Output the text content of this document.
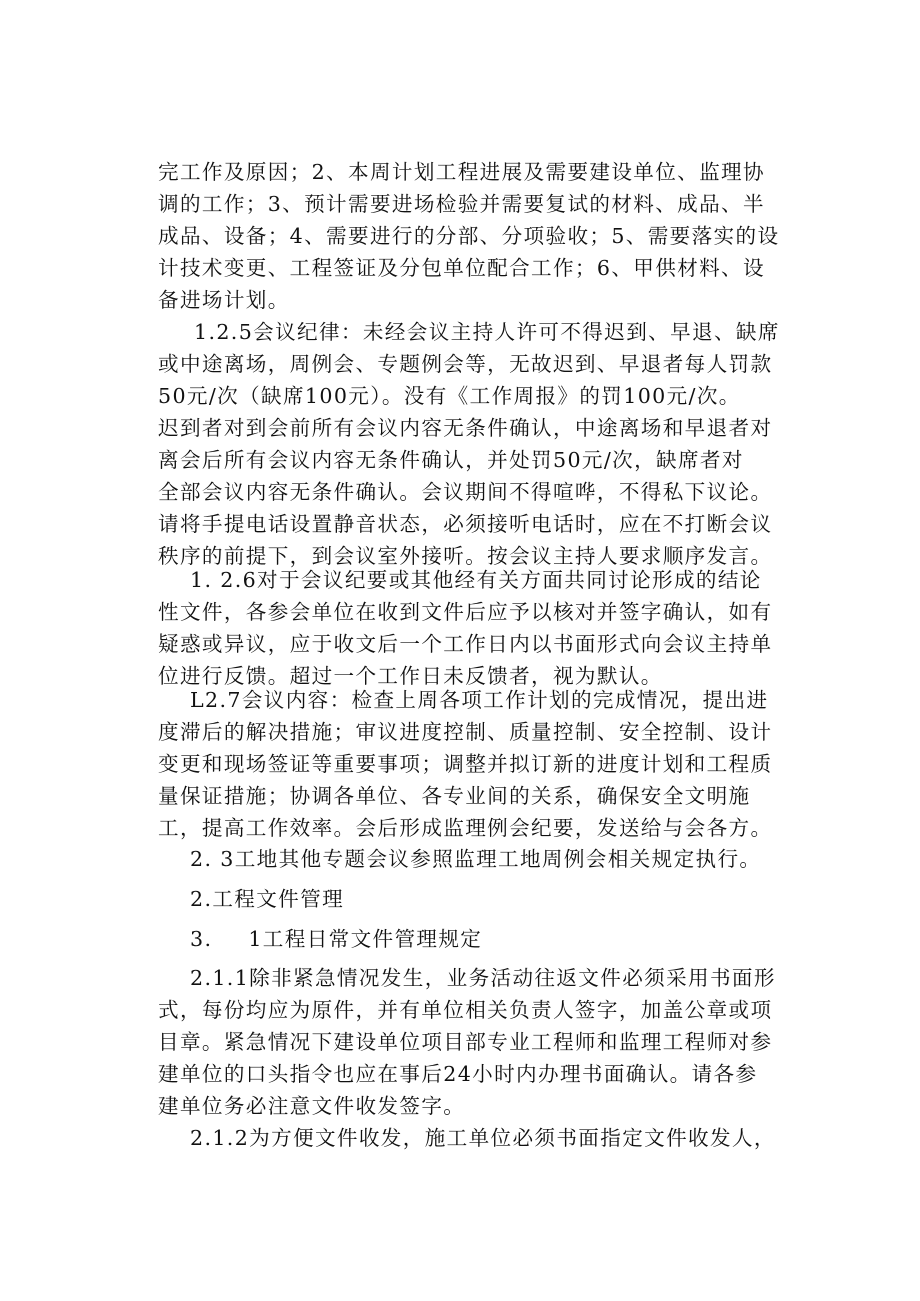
完工作及原因；2、本周计划工程进展及需要建设单位、监理协
调的工作；3、预计需要进场检验并需要复试的材料、成品、半
成品、设备；4、需要进行的分部、分项验收；5、需要落实的设
计技术变更、工程签证及分包单位配合工作；6、甲供材料、设
备进场计划。
1.2.5会议纪律：未经会议主持人许可不得迟到、早退、缺席
或中途离场，周例会、专题例会等，无故迟到、早退者每人罚款
50元/次（缺席100元）。没有《工作周报》的罚100元/次。
迟到者对到会前所有会议内容无条件确认，中途离场和早退者对
离会后所有会议内容无条件确认，并处罚50元/次，缺席者对
全部会议内容无条件确认。会议期间不得喧哗，不得私下议论。
请将手提电话设置静音状态，必须接听电话时，应在不打断会议
秩序的前提下，到会议室外接听。按会议主持人要求顺序发言。
1. 2.6对于会议纪要或其他经有关方面共同讨论形成的结论
性文件，各参会单位在收到文件后应予以核对并签字确认，如有
疑惑或异议，应于收文后一个工作日内以书面形式向会议主持单
位进行反馈。超过一个工作日未反馈者，视为默认。
L2.7会议内容：检查上周各项工作计划的完成情况，提出进
度滞后的解决措施；审议进度控制、质量控制、安全控制、设计
变更和现场签证等重要事项；调整并拟订新的进度计划和工程质
量保证措施；协调各单位、各专业间的关系，确保安全文明施
工，提高工作效率。会后形成监理例会纪要，发送给与会各方。
2. 3工地其他专题会议参照监理工地周例会相关规定执行。
2.工程文件管理
3. 1工程日常文件管理规定
2.1.1除非紧急情况发生，业务活动往返文件必须采用书面形
式，每份均应为原件，并有单位相关负责人签字，加盖公章或项
目章。紧急情况下建设单位项目部专业工程师和监理工程师对参
建单位的口头指令也应在事后24小时内办理书面确认。请各参
建单位务必注意文件收发签字。
2.1.2为方便文件收发，施工单位必须书面指定文件收发人，
